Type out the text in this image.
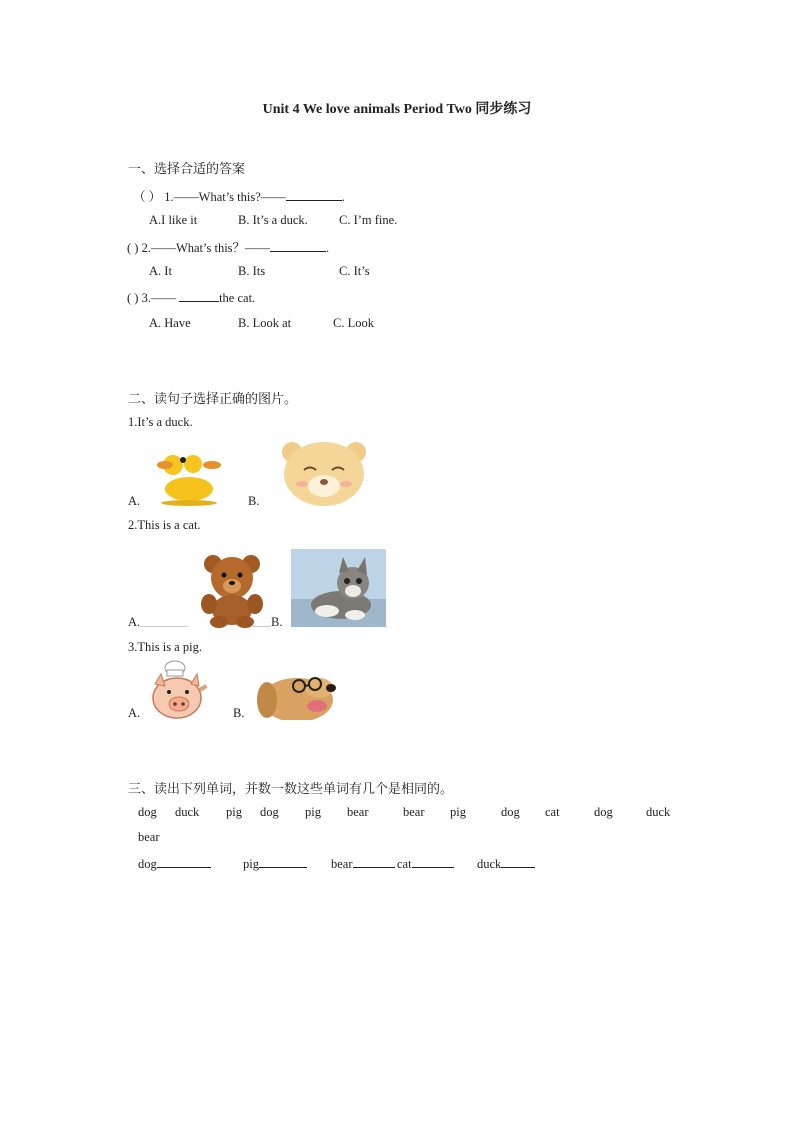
Unit 4 We love animals Period Two 同步练习
一、选择合适的答案
（ ） 1.——What’s this?——	.
A.I like it	B. It’s a duck. C. I’m fine.
( ) 2.——What’s this？——	.
A. It	B. Its	C. It’s
( ) 3.——	the cat.
A. Have	B. Look at	C. Look
二、读句子选择正确的图片。
1.It’s a duck.
A.	B.
2.This is a cat.
A.	B.
3.This is a pig.
A.	B.
三、读出下列单词，并数一数这些单词有几个是相同的。
dog duck pig dog pig bear	bear pig	dog cat	dog	duck
bear
dog	pig	bear	cat	duck
